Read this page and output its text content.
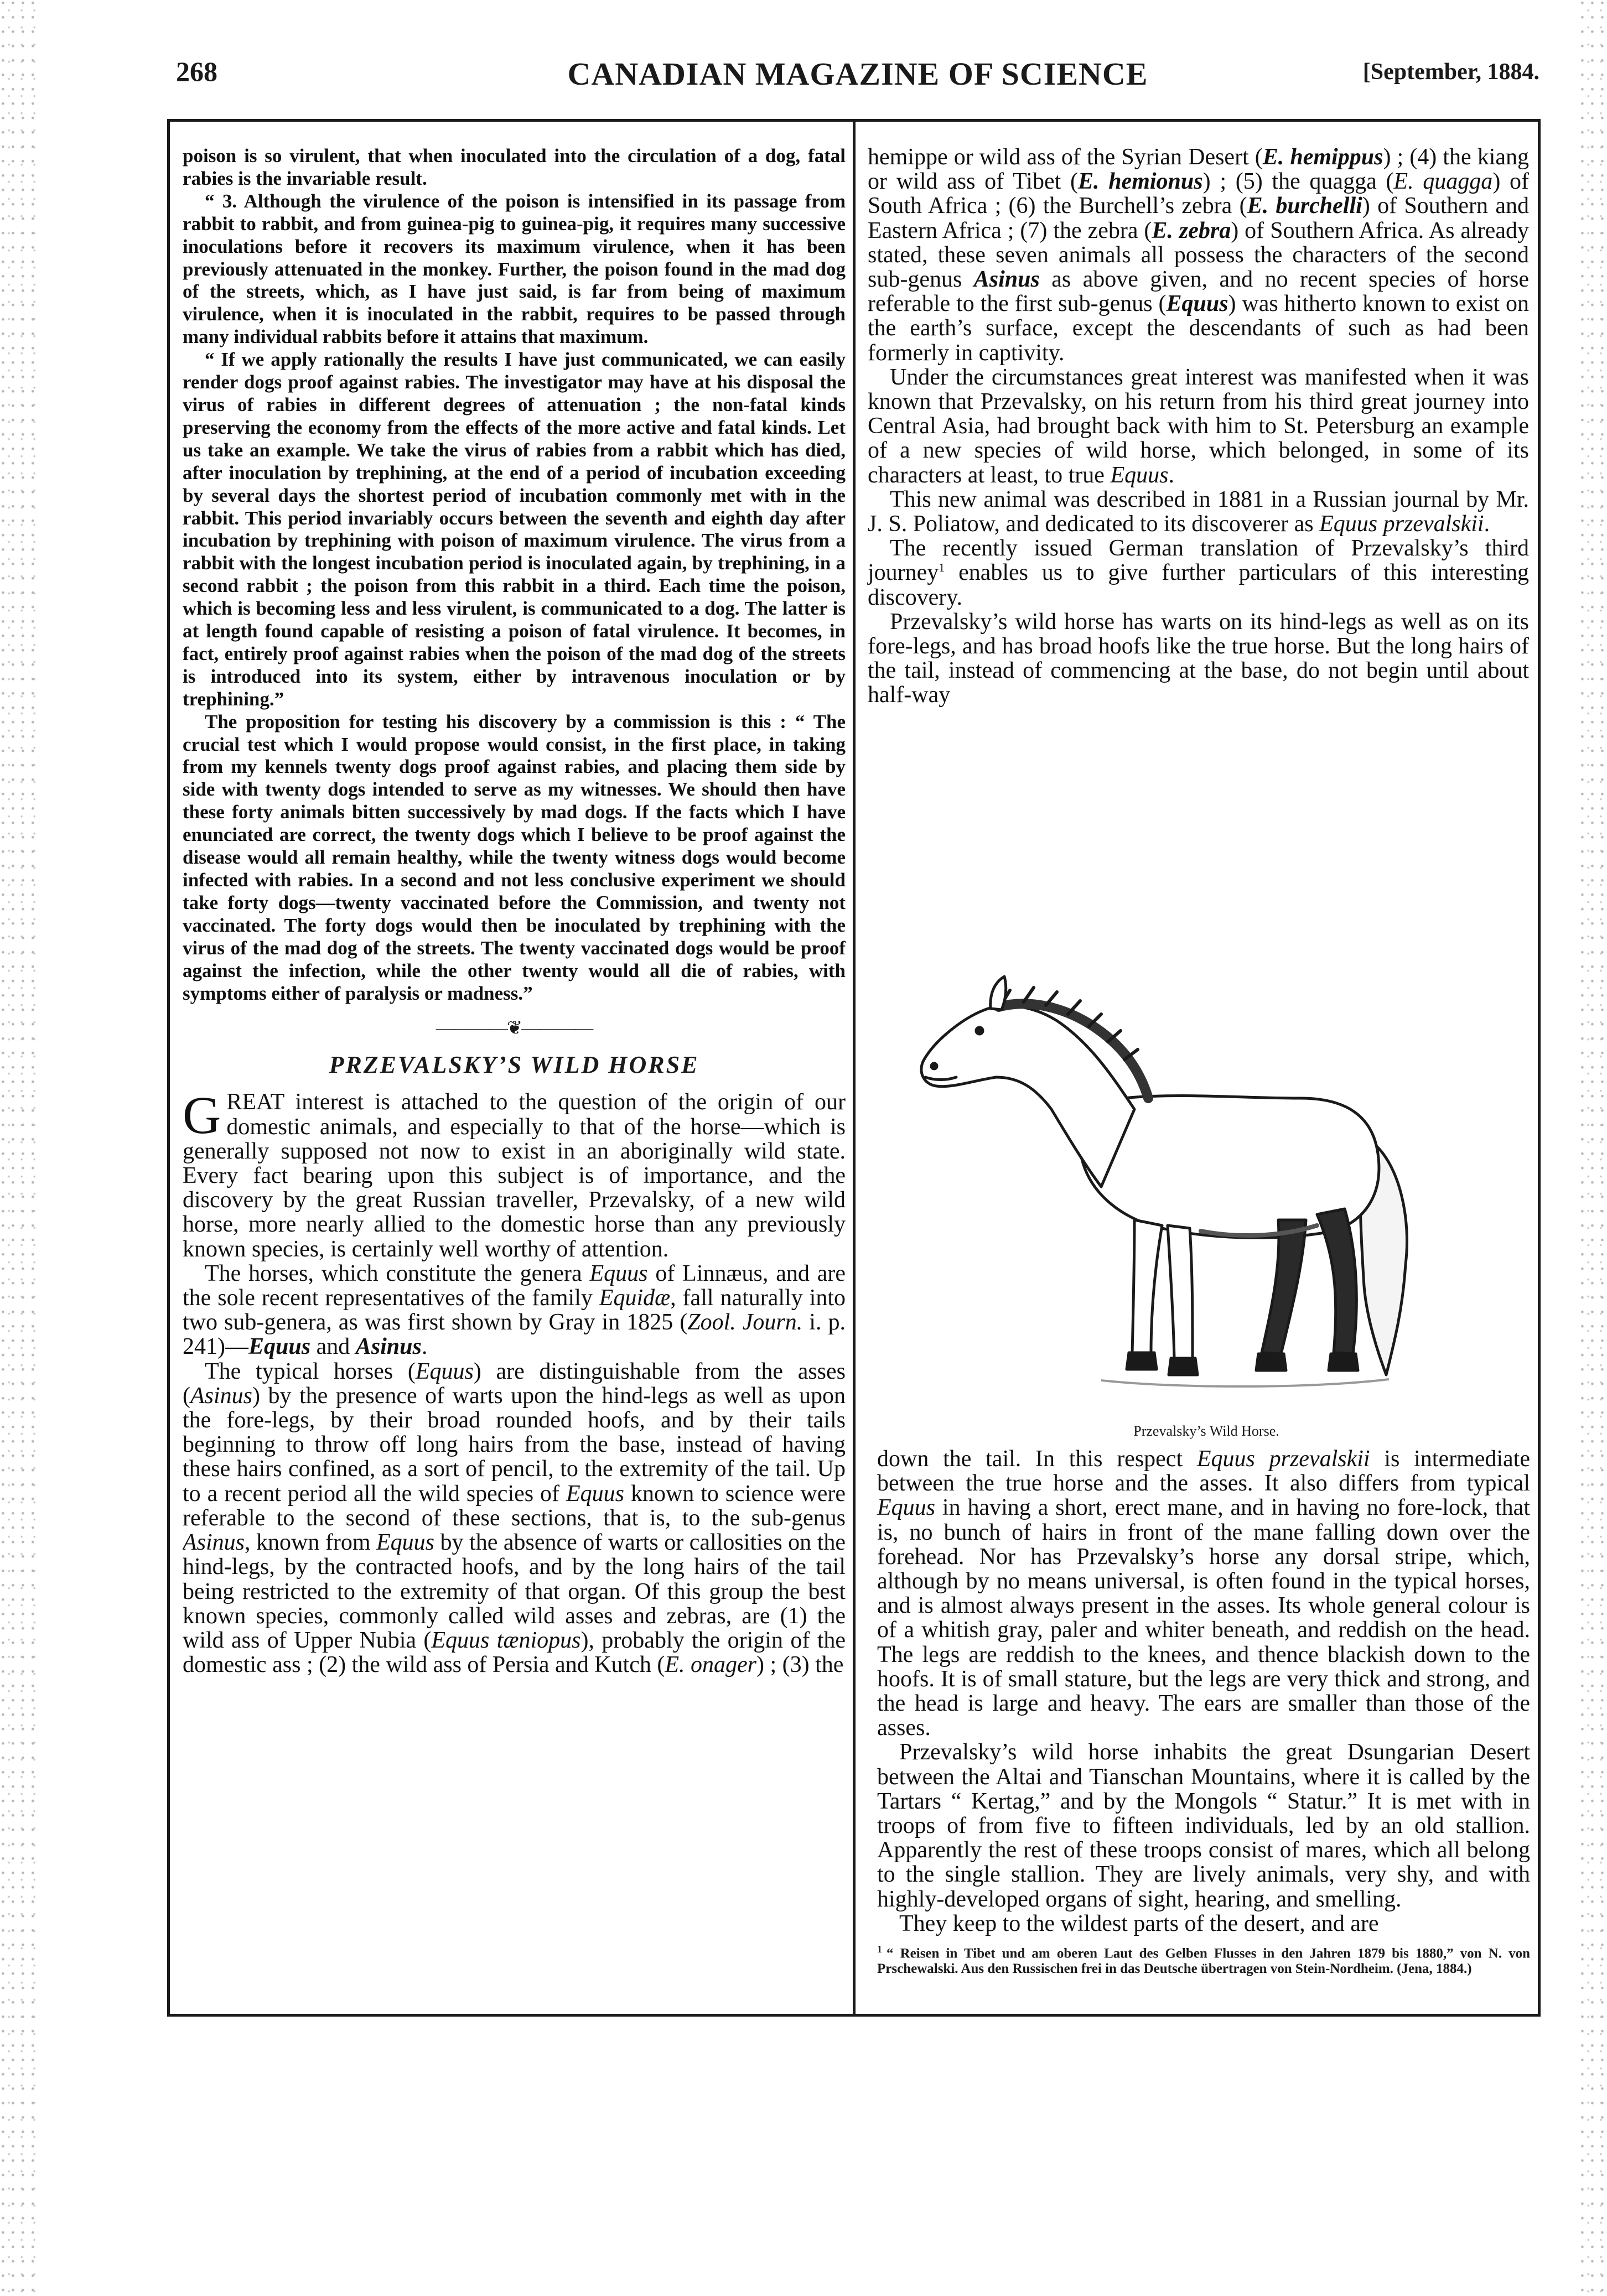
268	CANADIAN MAGAZINE OF SCIENCE	[September, 1884.

poison is so virulent, that when inoculated into the circulation of a dog, fatal rabies is the invariable result.

“ 3. Although the virulence of the poison is intensified in its passage from rabbit to rabbit, and from guinea-pig to guinea-pig, it requires many successive inoculations before it recovers its maximum virulence, when it has been previously attenuated in the monkey. Further, the poison found in the mad dog of the streets, which, as I have just said, is far from being of maximum virulence, when it is inoculated in the rabbit, requires to be passed through many individual rabbits before it attains that maximum.

“ If we apply rationally the results I have just communicated, we can easily render dogs proof against rabies. The investigator may have at his disposal the virus of rabies in different degrees of attenuation ; the non-fatal kinds preserving the economy from the effects of the more active and fatal kinds. Let us take an example. We take the virus of rabies from a rabbit which has died, after inoculation by trephining, at the end of a period of incubation exceeding by several days the shortest period of incubation commonly met with in the rabbit. This period invariably occurs between the seventh and eighth day after incubation by trephining with poison of maximum virulence. The virus from a rabbit with the longest incubation period is inoculated again, by trephining, in a second rabbit ; the poison from this rabbit in a third. Each time the poison, which is becoming less and less virulent, is communicated to a dog. The latter is at length found capable of resisting a poison of fatal virulence. It becomes, in fact, entirely proof against rabies when the poison of the mad dog of the streets is introduced into its system, either by intravenous inoculation or by trephining.”

The proposition for testing his discovery by a commission is this : “ The crucial test which I would propose would consist, in the first place, in taking from my kennels twenty dogs proof against rabies, and placing them side by side with twenty dogs intended to serve as my witnesses. We should then have these forty animals bitten successively by mad dogs. If the facts which I have enunciated are correct, the twenty dogs which I believe to be proof against the disease would all remain healthy, while the twenty witness dogs would become infected with rabies. In a second and not less conclusive experiment we should take forty dogs—twenty vaccinated before the Commission, and twenty not vaccinated. The forty dogs would then be inoculated by trephining with the virus of the mad dog of the streets. The twenty vaccinated dogs would be proof against the infection, while the other twenty would all die of rabies, with symptoms either of paralysis or madness.”

————❦————
PRZEVALSKY’S WILD HORSE

GREAT interest is attached to the question of the origin of our domestic animals, and especially to that of the horse—which is generally supposed not now to exist in an aboriginally wild state. Every fact bearing upon this subject is of importance, and the discovery by the great Russian traveller, Przevalsky, of a new wild horse, more nearly allied to the domestic horse than any previously known species, is certainly well worthy of attention.

The horses, which constitute the genera Equus of Linnæus, and are the sole recent representatives of the family Equidæ, fall naturally into two sub-genera, as was first shown by Gray in 1825 (Zool. Journ. i. p. 241)—Equus and Asinus.

The typical horses (Equus) are distinguishable from the asses (Asinus) by the presence of warts upon the hind-legs as well as upon the fore-legs, by their broad rounded hoofs, and by their tails beginning to throw off long hairs from the base, instead of having these hairs confined, as a sort of pencil, to the extremity of the tail. Up to a recent period all the wild species of Equus known to science were referable to the second of these sections, that is, to the sub-genus Asinus, known from Equus by the absence of warts or callosities on the hind-legs, by the contracted hoofs, and by the long hairs of the tail being restricted to the extremity of that organ. Of this group the best known species, commonly called wild asses and zebras, are (1) the wild ass of Upper Nubia (Equus tæniopus), probably the origin of the domestic ass ; (2) the wild ass of Persia and Kutch (E. onager) ; (3) the

hemippe or wild ass of the Syrian Desert (E. hemippus) ; (4) the kiang or wild ass of Tibet (E. hemionus) ; (5) the quagga (E. quagga) of South Africa ; (6) the Burchell’s zebra (E. burchelli) of Southern and Eastern Africa ; (7) the zebra (E. zebra) of Southern Africa. As already stated, these seven animals all possess the characters of the second sub-genus Asinus as above given, and no recent species of horse referable to the first sub-genus (Equus) was hitherto known to exist on the earth’s surface, except the descendants of such as had been formerly in captivity.

Under the circumstances great interest was manifested when it was known that Przevalsky, on his return from his third great journey into Central Asia, had brought back with him to St. Petersburg an example of a new species of wild horse, which belonged, in some of its characters at least, to true Equus.

This new animal was described in 1881 in a Russian journal by Mr. J. S. Poliatow, and dedicated to its discoverer as Equus przevalskii.

The recently issued German translation of Przevalsky’s third journey$^1$ enables us to give further particulars of this interesting discovery.

Przevalsky’s wild horse has warts on its hind-legs as well as on its fore-legs, and has broad hoofs like the true horse. But the long hairs of the tail, instead of commencing at the base, do not begin until about half-way

Przevalsky’s Wild Horse.

down the tail. In this respect Equus przevalskii is intermediate between the true horse and the asses. It also differs from typical Equus in having a short, erect mane, and in having no fore-lock, that is, no bunch of hairs in front of the mane falling down over the forehead. Nor has Przevalsky’s horse any dorsal stripe, which, although by no means universal, is often found in the typical horses, and is almost always present in the asses. Its whole general colour is of a whitish gray, paler and whiter beneath, and reddish on the head. The legs are reddish to the knees, and thence blackish down to the hoofs. It is of small stature, but the legs are very thick and strong, and the head is large and heavy. The ears are smaller than those of the asses.

Przevalsky’s wild horse inhabits the great Dsungarian Desert between the Altai and Tianschan Mountains, where it is called by the Tartars “ Kertag,” and by the Mongols “ Statur.” It is met with in troops of from five to fifteen individuals, led by an old stallion. Apparently the rest of these troops consist of mares, which all belong to the single stallion. They are lively animals, very shy, and with highly-developed organs of sight, hearing, and smelling.

They keep to the wildest parts of the desert, and are

$^1$ “ Reisen in Tibet und am oberen Laut des Gelben Flusses in den Jahren 1879 bis 1880,” von N. von Prschewalski. Aus den Russischen frei in das Deutsche übertragen von Stein-Nordheim. (Jena, 1884.)
